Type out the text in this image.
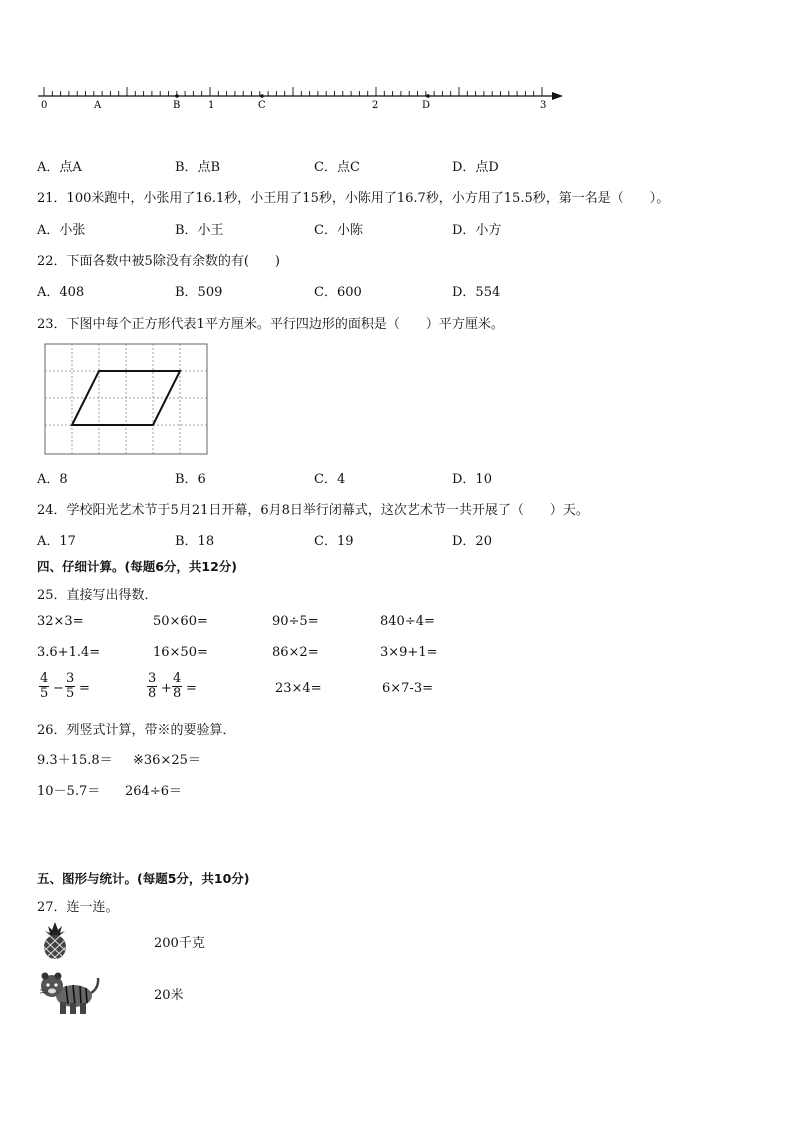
0	A	B	1	C	2	D	3
A．点A	B．点B	C．点C	D．点D
21．100米跑中，小张用了16.1秒，小王用了15秒，小陈用了16.7秒，小方用了15.5秒，第一名是（　　）。
A．小张	B．小王	C．小陈	D．小方
22．下面各数中被5除没有余数的有(　　)
A．408	B．509	C．600	D．554
23．下图中每个正方形代表1平方厘米。平行四边形的面积是（　　）平方厘米。
A．8	B．6	C．4	D．10
24．学校阳光艺术节于5月21日开幕，6月8日举行闭幕式，这次艺术节一共开展了（　　）天。
A．17	B．18	C．19	D．20
四、仔细计算。(每题6分，共12分)
25．直接写出得数．
32×3=	50×60=	90÷5=	840÷4=
3.6+1.4=	16×50=	86×2=	3×9+1=
$\frac{4}{5} - \frac{3}{5}$ =	$\frac{3}{8} + \frac{4}{8}$ =	23×4=	6×7-3=
26．列竖式计算，带※的要验算．
9.3＋15.8＝ ※36×25＝
10－5.7＝ 264÷6＝
五、图形与统计。(每题5分，共10分)
27．连一连。
200千克
20米
